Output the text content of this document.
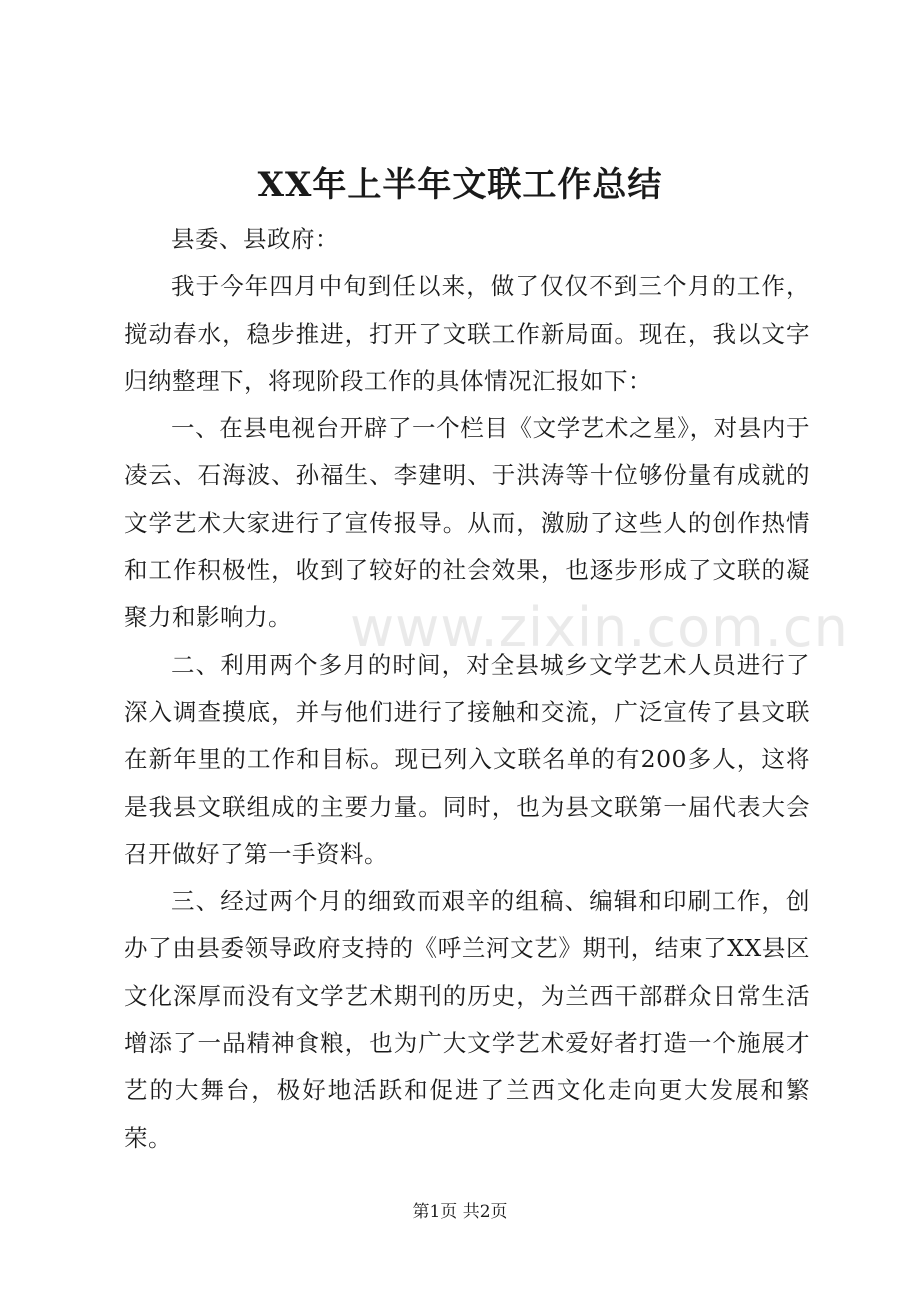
XX年上半年文联工作总结

县委、县政府：

我于今年四月中旬到任以来，做了仅仅不到三个月的工作，搅动春水，稳步推进，打开了文联工作新局面。现在，我以文字归纳整理下，将现阶段工作的具体情况汇报如下：

一、在县电视台开辟了一个栏目《文学艺术之星》，对县内于凌云、石海波、孙福生、李建明、于洪涛等十位够份量有成就的文学艺术大家进行了宣传报导。从而，激励了这些人的创作热情和工作积极性，收到了较好的社会效果，也逐步形成了文联的凝聚力和影响力。

二、利用两个多月的时间，对全县城乡文学艺术人员进行了深入调查摸底，并与他们进行了接触和交流，广泛宣传了县文联在新年里的工作和目标。现已列入文联名单的有200多人，这将是我县文联组成的主要力量。同时，也为县文联第一届代表大会召开做好了第一手资料。

三、经过两个月的细致而艰辛的组稿、编辑和印刷工作，创办了由县委领导政府支持的《呼兰河文艺》期刊，结束了XX县区文化深厚而没有文学艺术期刊的历史，为兰西干部群众日常生活增添了一品精神食粮，也为广大文学艺术爱好者打造一个施展才艺的大舞台，极好地活跃和促进了兰西文化走向更大发展和繁荣。

www.zixin.com.cn
第1页 共2页
